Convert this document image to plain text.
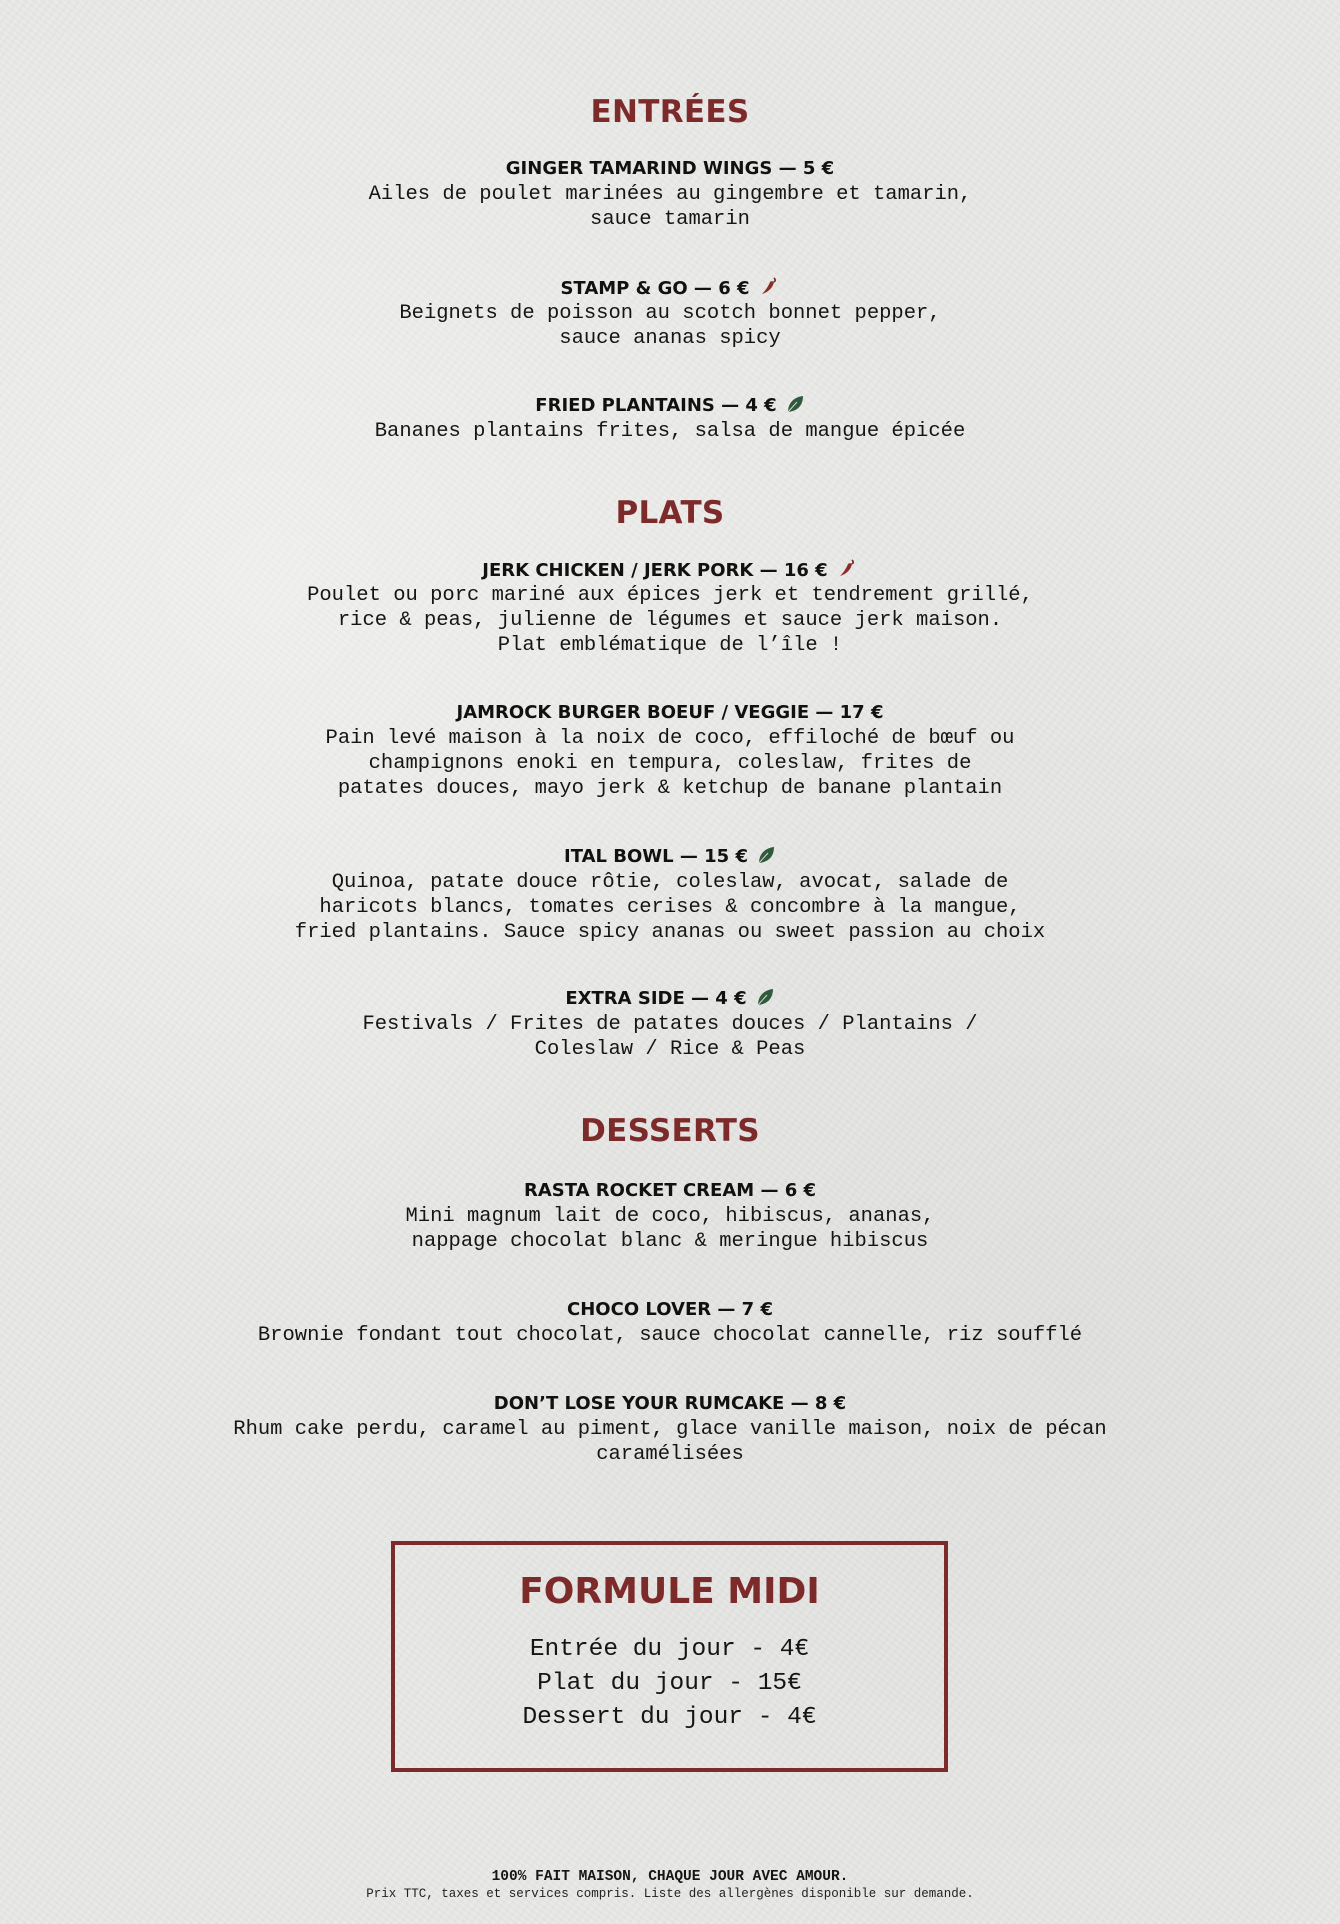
ENTRÉES
GINGER TAMARIND WINGS — 5 €
Ailes de poulet marinées au gingembre et tamarin,
sauce tamarin
STAMP & GO — 6 €
Beignets de poisson au scotch bonnet pepper,
sauce ananas spicy
FRIED PLANTAINS — 4 €
Bananes plantains frites, salsa de mangue épicée
PLATS
JERK CHICKEN / JERK PORK — 16 €
Poulet ou porc mariné aux épices jerk et tendrement grillé,
rice & peas, julienne de légumes et sauce jerk maison.
Plat emblématique de l’île !
JAMROCK BURGER BOEUF / VEGGIE — 17 €
Pain levé maison à la noix de coco, effiloché de bœuf ou
champignons enoki en tempura, coleslaw, frites de
patates douces, mayo jerk & ketchup de banane plantain
ITAL BOWL — 15 €
Quinoa, patate douce rôtie, coleslaw, avocat, salade de
haricots blancs, tomates cerises & concombre à la mangue,
fried plantains. Sauce spicy ananas ou sweet passion au choix
EXTRA SIDE — 4 €
Festivals / Frites de patates douces / Plantains /
Coleslaw / Rice & Peas
DESSERTS
RASTA ROCKET CREAM — 6 €
Mini magnum lait de coco, hibiscus, ananas,
nappage chocolat blanc & meringue hibiscus
CHOCO LOVER — 7 €
Brownie fondant tout chocolat, sauce chocolat cannelle, riz soufflé
DON’T LOSE YOUR RUMCAKE — 8 €
Rhum cake perdu, caramel au piment, glace vanille maison, noix de pécan
caramélisées
FORMULE MIDI
Entrée du jour - 4€
Plat du jour - 15€
Dessert du jour - 4€
100% FAIT MAISON, CHAQUE JOUR AVEC AMOUR.
Prix TTC, taxes et services compris. Liste des allergènes disponible sur demande.
